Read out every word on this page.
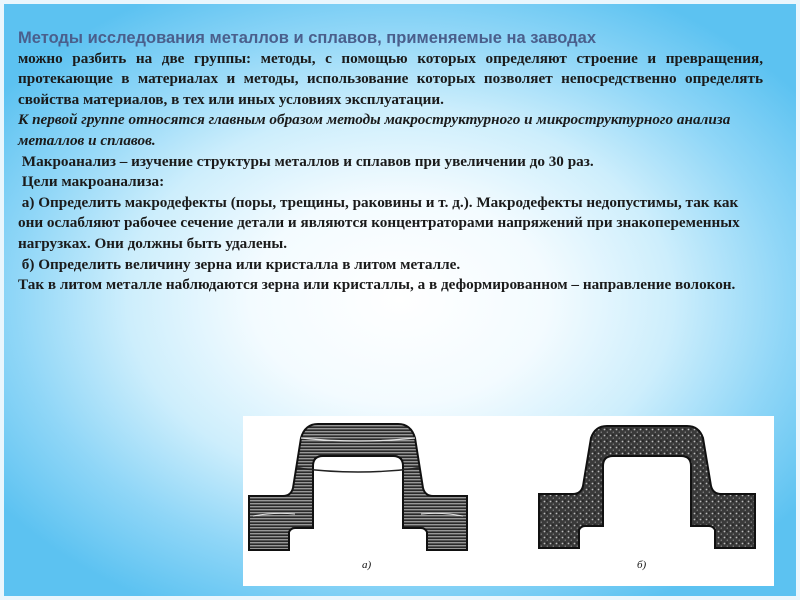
Методы исследования металлов и сплавов, применяемые на заводах

можно разбить на две группы: методы, с помощью которых определяют строение и превращения, протекающие в материалах и методы, использование которых позволяет непосредственно определять свойства материалов, в тех или иных условиях эксплуатации.

К первой группе относятся главным образом методы макроструктурного и микроструктурного анализа металлов и сплавов.

Макроанализ – изучение структуры металлов и сплавов при увеличении до 30 раз.

Цели макроанализа:

а) Определить макродефекты (поры, трещины, раковины и т. д.). Макродефекты недопустимы, так как они ослабляют рабочее сечение детали и являются концентраторами напряжений при знакопеременных нагрузках. Они должны быть удалены.

б) Определить величину зерна или кристалла в литом металле.

Так в литом металле наблюдаются зерна или кристаллы, а в деформированном – направление волокон.

а)	б)
